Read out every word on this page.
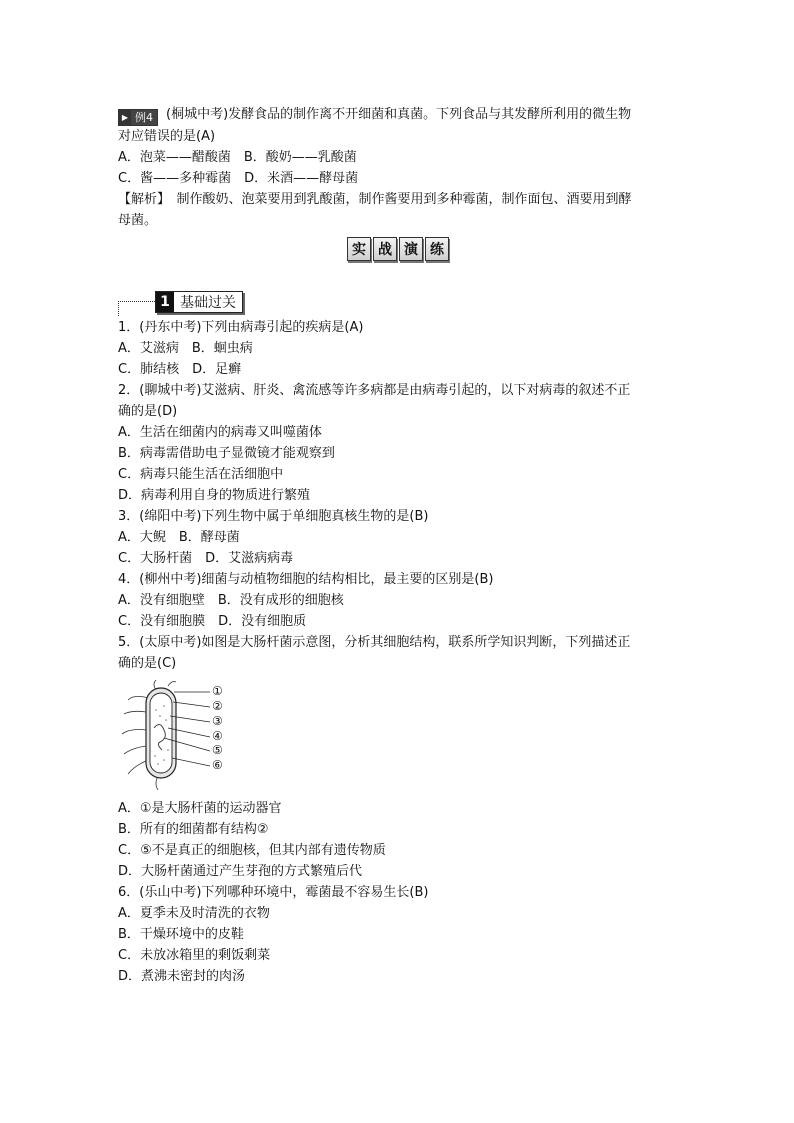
▶ 例4	(桐城中考)发酵食品的制作离不开细菌和真菌。下列食品与其发酵所利用的微生物
对应错误的是(A)
A．泡菜——醋酸菌　B．酸奶——乳酸菌
C．酱——多种霉菌　D．米酒——酵母菌
【解析】　制作酸奶、泡菜要用到乳酸菌，制作酱要用到多种霉菌，制作面包、酒要用到酵
母菌。
实 战 演 练
1 基础过关
1．(丹东中考)下列由病毒引起的疾病是(A)
A．艾滋病　B．蛔虫病
C．肺结核　D．足癣
2．(聊城中考)艾滋病、肝炎、禽流感等许多病都是由病毒引起的，以下对病毒的叙述不正
确的是(D)
A．生活在细菌内的病毒又叫噬菌体
B．病毒需借助电子显微镜才能观察到
C．病毒只能生活在活细胞中
D．病毒利用自身的物质进行繁殖
3．(绵阳中考)下列生物中属于单细胞真核生物的是(B)
A．大鲵　B．酵母菌
C．大肠杆菌　D．艾滋病病毒
4．(柳州中考)细菌与动植物细胞的结构相比，最主要的区别是(B)
A．没有细胞壁　B．没有成形的细胞核
C．没有细胞膜　D．没有细胞质
5．(太原中考)如图是大肠杆菌示意图，分析其细胞结构，联系所学知识判断，下列描述正
确的是(C)
①
②
③
④
⑤
⑥
A．①是大肠杆菌的运动器官
B．所有的细菌都有结构②
C．⑤不是真正的细胞核，但其内部有遗传物质
D．大肠杆菌通过产生芽孢的方式繁殖后代
6．(乐山中考)下列哪种环境中，霉菌最不容易生长(B)
A．夏季未及时清洗的衣物
B．干燥环境中的皮鞋
C．未放冰箱里的剩饭剩菜
D．煮沸未密封的肉汤
